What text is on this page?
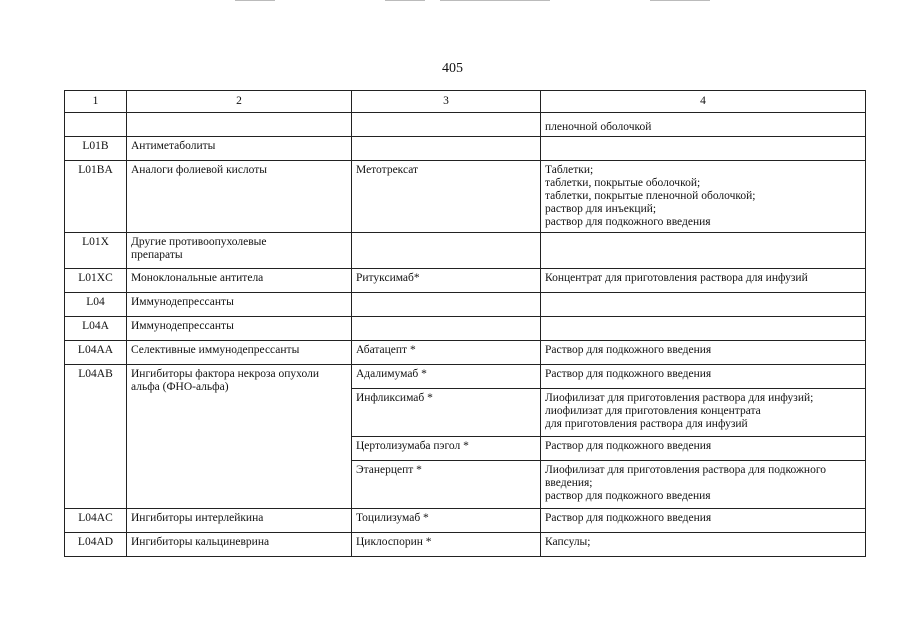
405
1	2	3	4

			пленочной оболочкой

L01B	Антиметаболиты		

L01BA	Аналоги фолиевой кислоты	Метотрексат	Таблетки;
таблетки, покрытые оболочкой;
таблетки, покрытые пленочной оболочкой;
раствор для инъекций;
раствор для подкожного введения

L01X	Другие противоопухолевые
препараты		

L01XC	Моноклональные антитела	Ритуксимаб*	Концентрат для приготовления раствора для инфузий

L04	Иммунодепрессанты		

L04A	Иммунодепрессанты		

L04AA	Селективные иммунодепрессанты	Абатацепт *	Раствор для подкожного введения

L04AB	Ингибиторы фактора некроза опухоли
альфа (ФНО-альфа)	Адалимумаб *	Раствор для подкожного введения

		Инфликсимаб *	Лиофилизат для приготовления раствора для инфузий;
лиофилизат для приготовления концентрата
для приготовления раствора для инфузий

		Цертолизумаба пэгол *	Раствор для подкожного введения

		Этанерцепт *	Лиофилизат для приготовления раствора для подкожного
введения;
раствор для подкожного введения

L04AC	Ингибиторы интерлейкина	Тоцилизумаб *	Раствор для подкожного введения

L04AD	Ингибиторы кальциневрина	Циклоспорин *	Капсулы;
